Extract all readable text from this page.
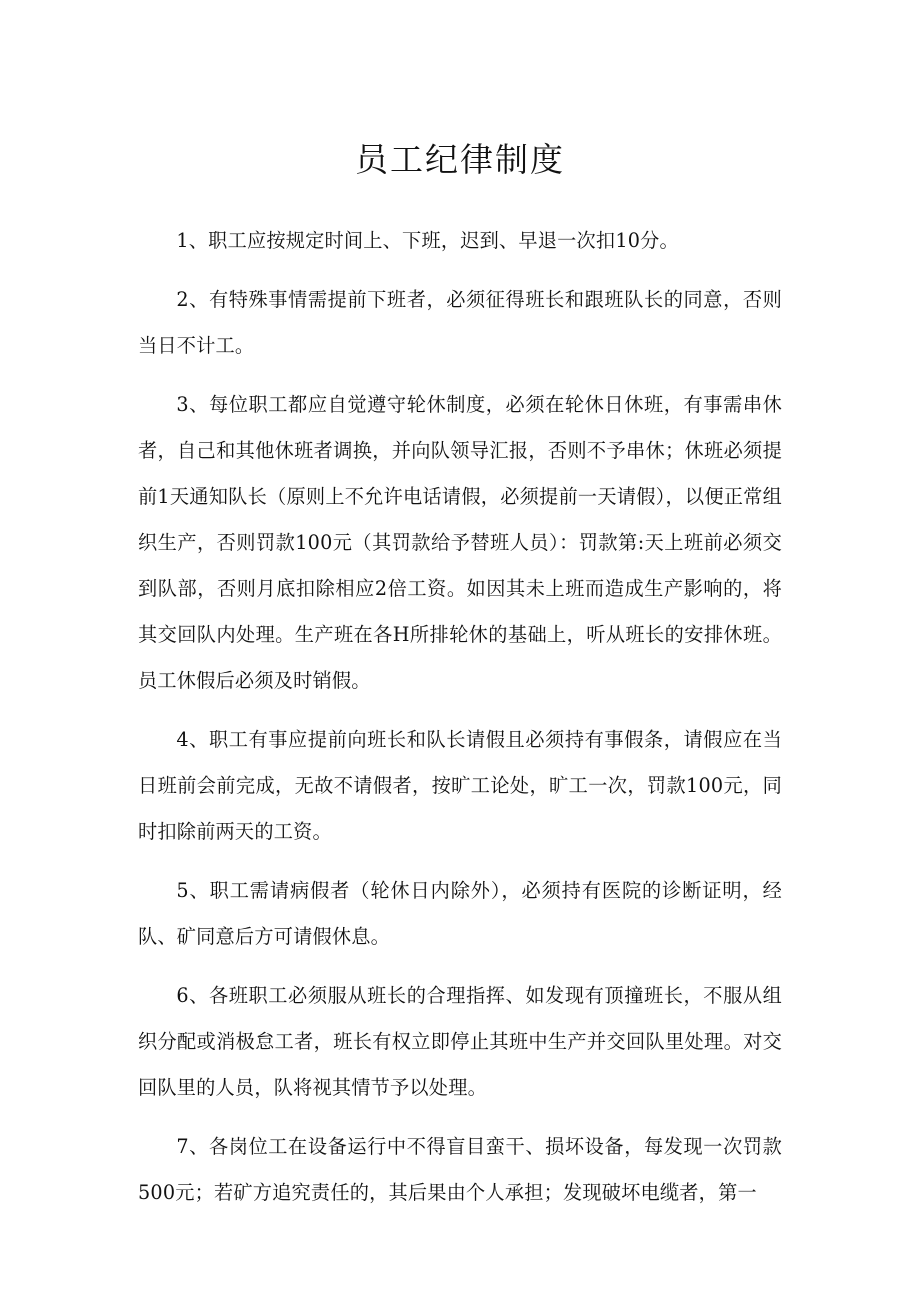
员工纪律制度

1、职工应按规定时间上、下班，迟到、早退一次扣10分。

2、有特殊事情需提前下班者，必须征得班长和跟班队长的同意，否则当日不计工。

3、每位职工都应自觉遵守轮休制度，必须在轮休日休班，有事需串休者，自己和其他休班者调换，并向队领导汇报，否则不予串休；休班必须提前1天通知队长（原则上不允许电话请假，必须提前一天请假），以便正常组织生产，否则罚款100元（其罚款给予替班人员）：罚款第:天上班前必须交到队部，否则月底扣除相应2倍工资。如因其未上班而造成生产影响的，将其交回队内处理。生产班在各H所排轮休的基础上，听从班长的安排休班。员工休假后必须及时销假。

4、职工有事应提前向班长和队长请假且必须持有事假条，请假应在当日班前会前完成，无故不请假者，按旷工论处，旷工一次，罚款100元，同时扣除前两天的工资。

5、职工需请病假者（轮休日内除外），必须持有医院的诊断证明，经队、矿同意后方可请假休息。

6、各班职工必须服从班长的合理指挥、如发现有顶撞班长，不服从组织分配或消极怠工者，班长有权立即停止其班中生产并交回队里处理。对交回队里的人员，队将视其情节予以处理。

7、各岗位工在设备运行中不得盲目蛮干、损坏设备，每发现一次罚款500元；若矿方追究责任的，其后果由个人承担；发现破坏电缆者，第一
